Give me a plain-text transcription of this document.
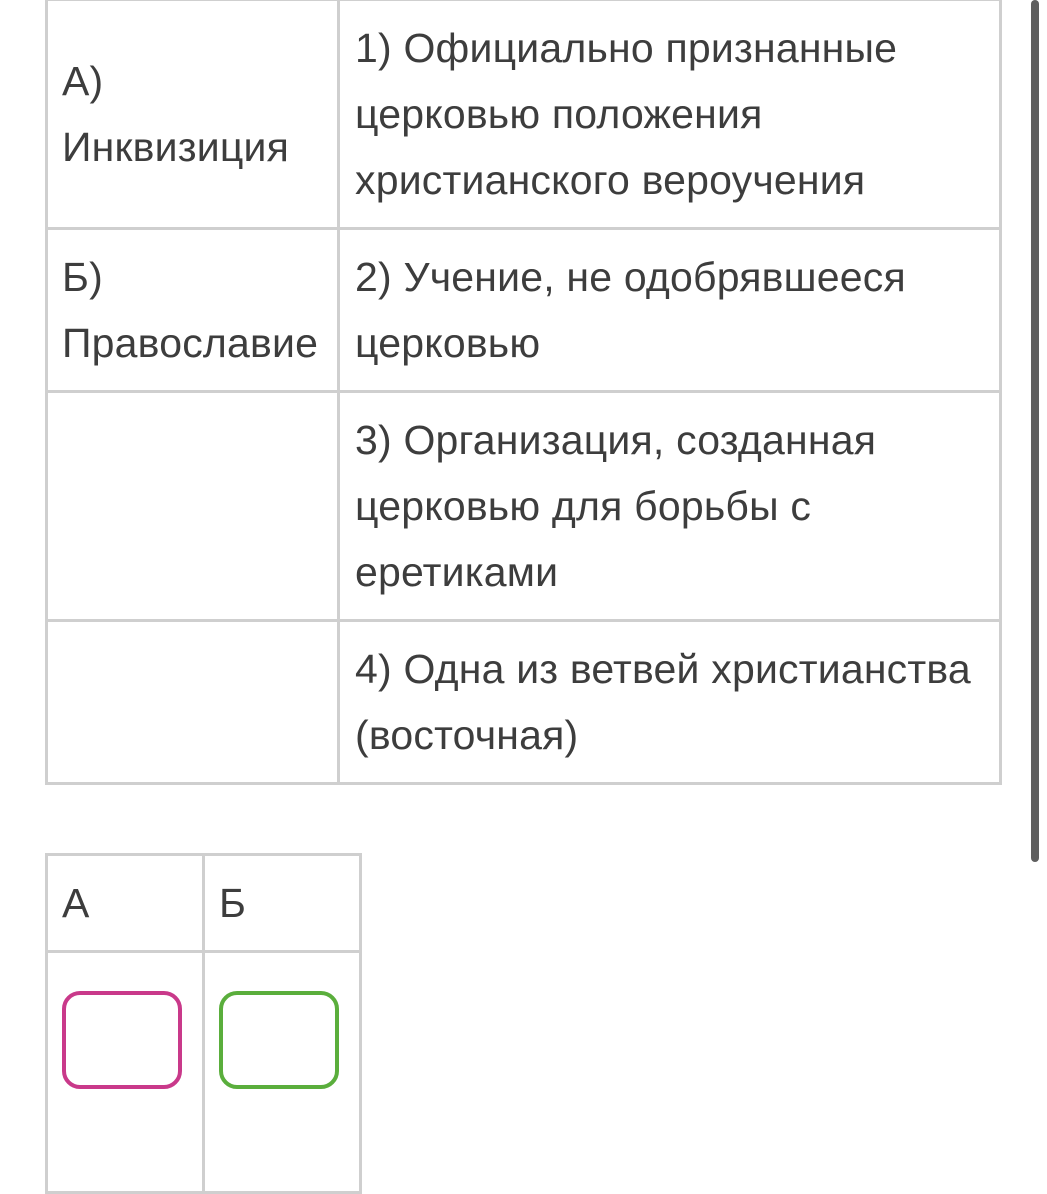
А)
Инквизиция	1) Официально признанные церковью положения христианского вероучения

Б)
Православие	2) Учение, не одобрявшееся церковью
	3) Организация, созданная церковью для борьбы с еретиками
	4) Одна из ветвей христианства (восточная)
А	Б
